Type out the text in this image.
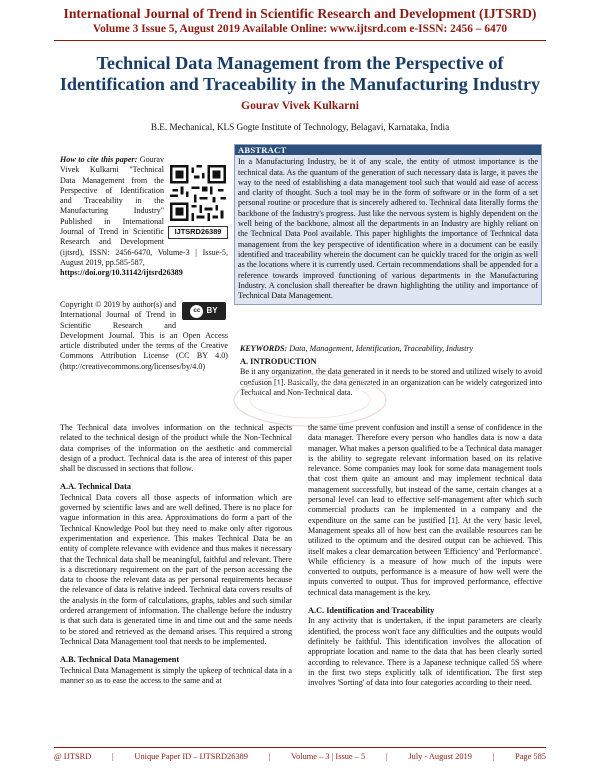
International Journal of Trend in Scientific Research and Development (IJTSRD)
Volume 3 Issue 5, August 2019 Available Online: www.ijtsrd.com e-ISSN: 2456 – 6470
Technical Data Management from the Perspective of Identification and Traceability in the Manufacturing Industry
Gourav Vivek Kulkarni
B.E. Mechanical, KLS Gogte Institute of Technology, Belagavi, Karnataka, India
IJTSRD26389
How to cite this paper: Gourav Vivek Kulkarni "Technical Data Management from the Perspective of Identification and Traceability in the Manufacturing Industry" Published in International Journal of Trend in Scientific Research and Development (ijtsrd), ISSN: 2456-6470, Volume-3 | Issue-5, August 2019, pp.585-587,
https://doi.org/10.31142/ijtsrd26389
cc BY
Copyright © 2019 by author(s) and International Journal of Trend in Scientific Research and Development Journal. This is an Open Access article distributed under the terms of the Creative Commons Attribution License (CC BY 4.0) (http://creativecommons.org/licenses/by/4.0)
ABSTRACT
In a Manufacturing Industry, be it of any scale, the entity of utmost importance is the technical data. As the quantum of the generation of such necessary data is large, it paves the way to the need of establishing a data management tool such that would aid ease of access and clarity of thought. Such a tool may be in the form of software or in the form of a set personal routine or procedure that is sincerely adhered to. Technical data literally forms the backbone of the Industry's progress. Just like the nervous system is highly dependent on the well being of the backbone, almost all the departments in an Industry are highly reliant on the Technical Data Pool available. This paper highlights the importance of Technical data management from the key perspective of identification where in a document can be easily identified and traceability wherein the document can be quickly traced for the origin as well as the locations where it is currently used. Certain recommendations shall be appended for a reference towards improved functioning of various departments in the Manufacturing Industry. A conclusion shall thereafter be drawn highlighting the utility and importance of Technical Data Management.
KEYWORDS: Data, Management, Identification, Traceability, Industry
A. INTRODUCTION
Be it any organization, the data generated in it needs to be stored and utilized wisely to avoid confusion [1]. Basically, the data generated in an organization can be widely categorized into Technical and Non-Technical data.
The Technical data involves information on the technical aspects related to the technical design of the product while the Non-Technical data comprises of the information on the aesthetic and commercial design of a product. Technical data is the area of interest of this paper shall be discussed in sections that follow.
A.A. Technical Data
Technical Data covers all those aspects of information which are governed by scientific laws and are well defined. There is no place for vague information in this area. Approximations do form a part of the Technical Knowledge Pool but they need to make only after rigorous experimentation and experience. This makes Technical Data be an entity of complete relevance with evidence and thus makes it necessary that the Technical data shall be meaningful, faithful and relevant. There is a discretionary requirement on the part of the person accessing the data to choose the relevant data as per personal requirements because the relevance of data is relative indeed. Technical data covers results of the analysis in the form of calculations, graphs, tables and such similar ordered arrangement of information. The challenge before the industry is that such data is generated time in and time out and the same needs to be stored and retrieved as the demand arises. This required a strong Technical Data Management tool that needs to be implemented.
A.B. Technical Data Management
Technical Data Management is simply the upkeep of technical data in a manner so as to ease the access to the same and at
the same time prevent confusion and instill a sense of confidence in the data manager. Therefore every person who handles data is now a data manager. What makes a person qualified to be a Technical data manager is the ability to segregate relevant information based on its relative relevance. Some companies may look for some data management tools that cost them quite an amount and may implement technical data management successfully, but instead of the same, certain changes at a personal level can lead to effective self-management after which such commercial products can be implemented in a company and the expenditure on the same can be justified [1]. At the very basic level, Management speaks all of how best can the available resources can be utilized to the optimum and the desired output can be achieved. This itself makes a clear demarcation between 'Efficiency' and 'Performance'. While efficiency is a measure of how much of the inputs were converted to outputs, performance is a measure of how well were the inputs converted to output. Thus for improved performance, effective technical data management is the key.
A.C. Identification and Traceability
In any activity that is undertaken, if the input parameters are clearly identified, the process won't face any difficulties and the outputs would definitely be faithful. This identification involves the allocation of appropriate location and name to the data that has been clearly sorted according to relevance. There is a Japanese technique called 5S where in the first two steps explicitly talk of identification. The first step involves 'Sorting' of data into four categories according to their need.
@ IJTSRD | Unique Paper ID – IJTSRD26389 | Volume – 3 | Issue – 5 | July - August 2019 | Page 585
